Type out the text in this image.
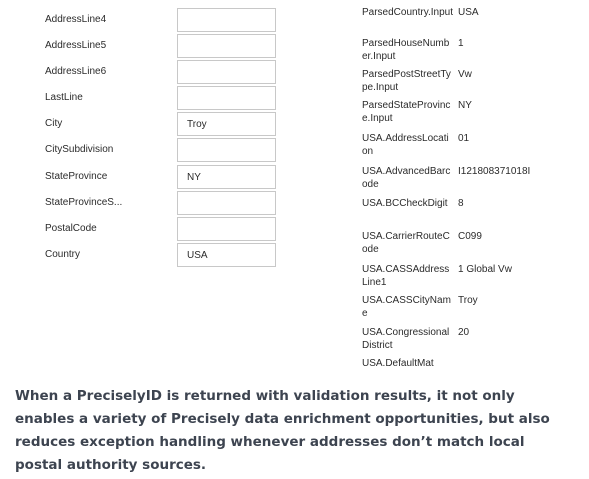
AddressLine4
AddressLine5
AddressLine6
LastLine
City
Troy
CitySubdivision
StateProvince
NY
StateProvinceS...
PostalCode
Country
USA
ParsedCountry.Input USA
ParsedHouseNumber.Input
1
ParsedPostStreetType.Input
Vw
ParsedStateProvince.Input
NY
USA.AddressLocation
01
USA.AdvancedBarcode
I121808371018I
USA.BCCheckDigit	8
USA.CarrierRouteCode
C099
USA.CASSAddressLine1
1 Global Vw
USA.CASSCityName
Troy
USA.CongressionalDistrict
20
USA.DefaultMat

When a PreciselyID is returned with validation results, it not only enables a variety of Precisely data enrichment opportunities, but also reduces exception handling whenever addresses don’t match local postal authority sources.
